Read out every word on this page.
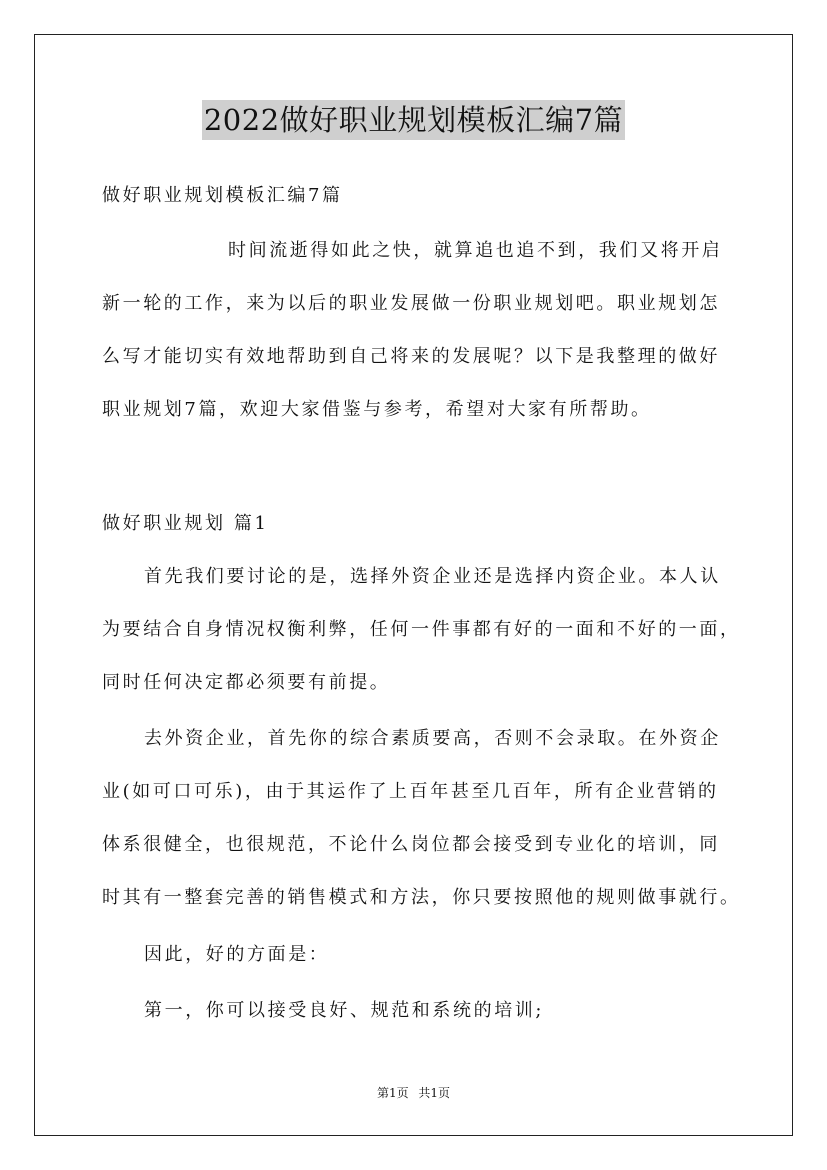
2022做好职业规划模板汇编7篇
做好职业规划模板汇编7篇
时间流逝得如此之快，就算追也追不到，我们又将开启
新一轮的工作，来为以后的职业发展做一份职业规划吧。职业规划怎
么写才能切实有效地帮助到自己将来的发展呢？以下是我整理的做好
职业规划7篇，欢迎大家借鉴与参考，希望对大家有所帮助。
做好职业规划 篇1
首先我们要讨论的是，选择外资企业还是选择内资企业。本人认
为要结合自身情况权衡利弊，任何一件事都有好的一面和不好的一面，
同时任何决定都必须要有前提。
去外资企业，首先你的综合素质要高，否则不会录取。在外资企
业(如可口可乐)，由于其运作了上百年甚至几百年，所有企业营销的
体系很健全，也很规范，不论什么岗位都会接受到专业化的培训，同
时其有一整套完善的销售模式和方法，你只要按照他的规则做事就行。
因此，好的方面是：
第一，你可以接受良好、规范和系统的培训;
第1页 共1页
